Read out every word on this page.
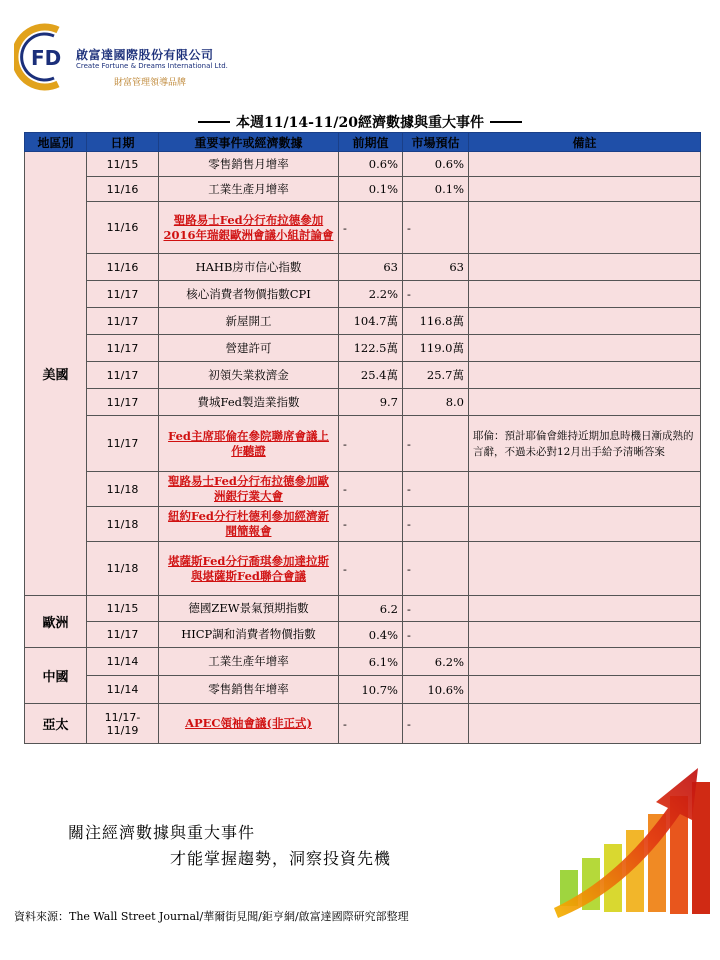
FD 啟富達國際股份有限公司
Create Fortune & Dreams International Ltd.
財富管理領導品牌
本週11/14-11/20經濟數據與重大事件
地區別	日期	重要事件或經濟數據	前期值	市場預估	備註
美國	11/15	零售銷售月增率	0.6%	0.6%	
	11/16	工業生產月增率	0.1%	0.1%	
	11/16	聖路易士Fed分行布拉德參加2016年瑞銀歐洲會議小組討論會	-	-	
	11/16	HAHB房市信心指數	63	63	
	11/17	核心消費者物價指數CPI	2.2%	-	
	11/17	新屋開工	104.7萬	116.8萬	
	11/17	營建許可	122.5萬	119.0萬	
	11/17	初領失業救濟金	25.4萬	25.7萬	
	11/17	費城Fed製造業指數	9.7	8.0	
	11/17	Fed主席耶倫在參院聯席會議上作聽證	-	-	耶倫：預計耶倫會維持近期加息時機日漸成熟的言辭，不過未必對12月出手給予清晰答案
	11/18	聖路易士Fed分行布拉德參加歐洲銀行業大會	-	-	
	11/18	紐約Fed分行杜德利參加經濟新聞簡報會	-	-	
	11/18	堪薩斯Fed分行喬琪參加達拉斯與堪薩斯Fed聯合會議	-	-	
歐洲	11/15	德國ZEW景氣預期指數	6.2	-	
	11/17	HICP調和消費者物價指數	0.4%	-	
中國	11/14	工業生產年增率	6.1%	6.2%	
	11/14	零售銷售年增率	10.7%	10.6%	
亞太	11/17-11/19	APEC領袖會議(非正式)	-	-	
關注經濟數據與重大事件
才能掌握趨勢，洞察投資先機
資料來源：The Wall Street Journal/華爾街見聞/鉅亨網/啟富達國際研究部整理
